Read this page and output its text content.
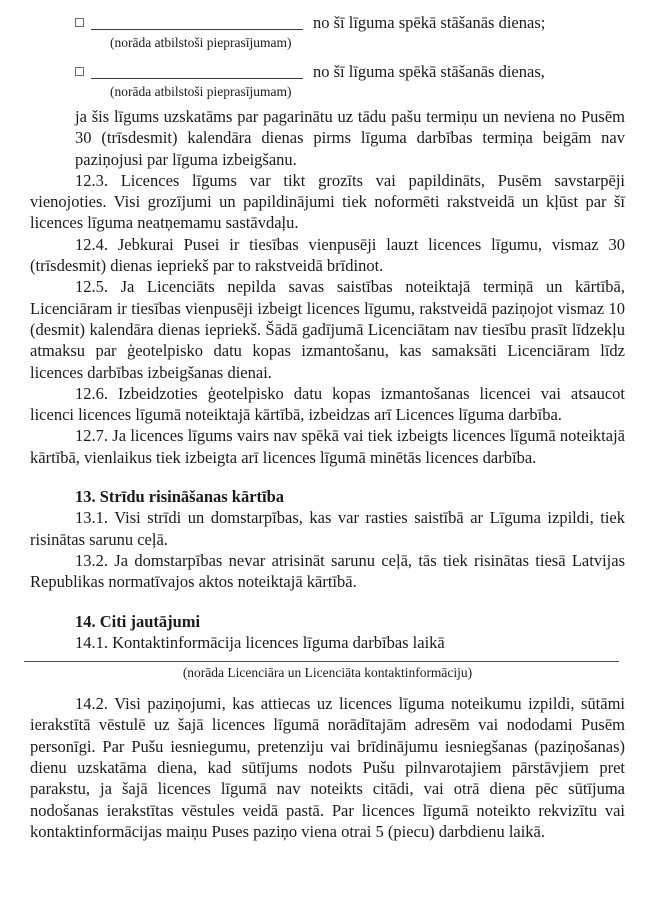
no šī līguma spēkā stāšanās dienas;
(norāda atbilstoši pieprasījumam)
no šī līguma spēkā stāšanās dienas,
(norāda atbilstoši pieprasījumam)

ja šis līgums uzskatāms par pagarinātu uz tādu pašu termiņu un neviena no Pusēm 30 (trīsdesmit) kalendāra dienas pirms līguma darbības termiņa beigām nav paziņojusi par līguma izbeigšanu.

12.3. Licences līgums var tikt grozīts vai papildināts, Pusēm savstarpēji vienojoties. Visi grozījumi un papildinājumi tiek noformēti rakstveidā un kļūst par šī licences līguma neatņemamu sastāvdaļu.

12.4. Jebkurai Pusei ir tiesības vienpusēji lauzt licences līgumu, vismaz 30 (trīsdesmit) dienas iepriekš par to rakstveidā brīdinot.

12.5. Ja Licenciāts nepilda savas saistības noteiktajā termiņā un kārtībā, Licenciāram ir tiesības vienpusēji izbeigt licences līgumu, rakstveidā paziņojot vismaz 10 (desmit) kalendāra dienas iepriekš. Šādā gadījumā Licenciātam nav tiesību prasīt līdzekļu atmaksu par ģeotelpisko datu kopas izmantošanu, kas samaksāti Licenciāram līdz licences darbības izbeigšanas dienai.

12.6. Izbeidzoties ģeotelpisko datu kopas izmantošanas licencei vai atsaucot licenci licences līgumā noteiktajā kārtībā, izbeidzas arī Licences līguma darbība.

12.7. Ja licences līgums vairs nav spēkā vai tiek izbeigts licences līgumā noteiktajā kārtībā, vienlaikus tiek izbeigta arī licences līgumā minētās licences darbība.

13. Strīdu risināšanas kārtība

13.1. Visi strīdi un domstarpības, kas var rasties saistībā ar Līguma izpildi, tiek risinātas sarunu ceļā.

13.2. Ja domstarpības nevar atrisināt sarunu ceļā, tās tiek risinātas tiesā Latvijas Republikas normatīvajos aktos noteiktajā kārtībā.

14. Citi jautājumi

14.1. Kontaktinformācija licences līguma darbības laikā

(norāda Licenciāra un Licenciāta kontaktinformāciju)

14.2. Visi paziņojumi, kas attiecas uz licences līguma noteikumu izpildi, sūtāmi ierakstītā vēstulē uz šajā licences līgumā norādītajām adresēm vai nododami Pusēm personīgi. Par Pušu iesniegumu, pretenziju vai brīdinājumu iesniegšanas (paziņošanas) dienu uzskatāma diena, kad sūtījums nodots Pušu pilnvarotajiem pārstāvjiem pret parakstu, ja šajā licences līgumā nav noteikts citādi, vai otrā diena pēc sūtījuma nodošanas ierakstītas vēstules veidā pastā. Par licences līgumā noteikto rekvizītu vai kontaktinformācijas maiņu Puses paziņo viena otrai 5 (piecu) darbdienu laikā.
